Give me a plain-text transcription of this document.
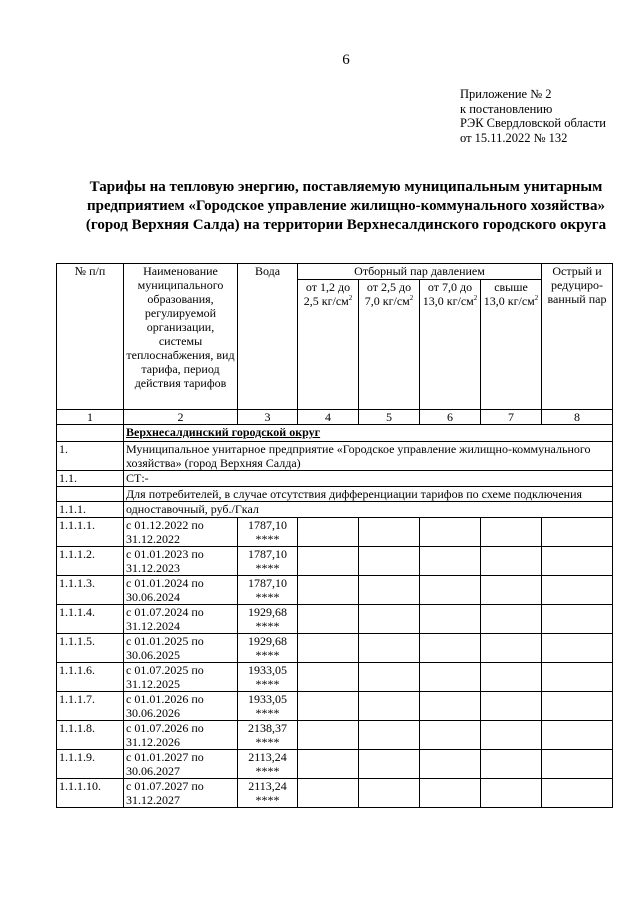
6
Приложение № 2
к постановлению
РЭК Свердловской области
от 15.11.2022 № 132
Тарифы на тепловую энергию, поставляемую муниципальным унитарным
предприятием «Городское управление жилищно-коммунального хозяйства»
(город Верхняя Салда) на территории Верхнесалдинского городского округа
№ п/п	Наименование муниципального образования, регулируемой организации, системы теплоснабжения, вид тарифа, период действия тарифов	Вода	Отборный пар давлением				Острый и редуциро-ванный пар
			от 1,2 до 2,5 $кг/см^2$	от 2,5 до 7,0 $кг/см^2$	от 7,0 до 13,0 $кг/см^2$	свыше 13,0 $кг/см^2$
1	2	3	4	5	6	7	8
	Верхнесалдинский городской округ						
1.	Муниципальное унитарное предприятие «Городское управление жилищно-коммунального хозяйства» (город Верхняя Салда)						
1.1.	СТ:-						
	Для потребителей, в случае отсутствия дифференциации тарифов по схеме подключения						
1.1.1.	одноставочный, руб./Гкал						
1.1.1.1.	с 01.12.2022 по 31.12.2022	1787,10
****					
1.1.1.2.	с 01.01.2023 по 31.12.2023	1787,10
****					
1.1.1.3.	с 01.01.2024 по 30.06.2024	1787,10
****					
1.1.1.4.	с 01.07.2024 по 31.12.2024	1929,68
****					
1.1.1.5.	с 01.01.2025 по 30.06.2025	1929,68
****					
1.1.1.6.	с 01.07.2025 по 31.12.2025	1933,05
****					
1.1.1.7.	с 01.01.2026 по 30.06.2026	1933,05
****					
1.1.1.8.	с 01.07.2026 по 31.12.2026	2138,37
****					
1.1.1.9.	с 01.01.2027 по 30.06.2027	2113,24
****					
1.1.1.10.	с 01.07.2027 по 31.12.2027	2113,24
****					
